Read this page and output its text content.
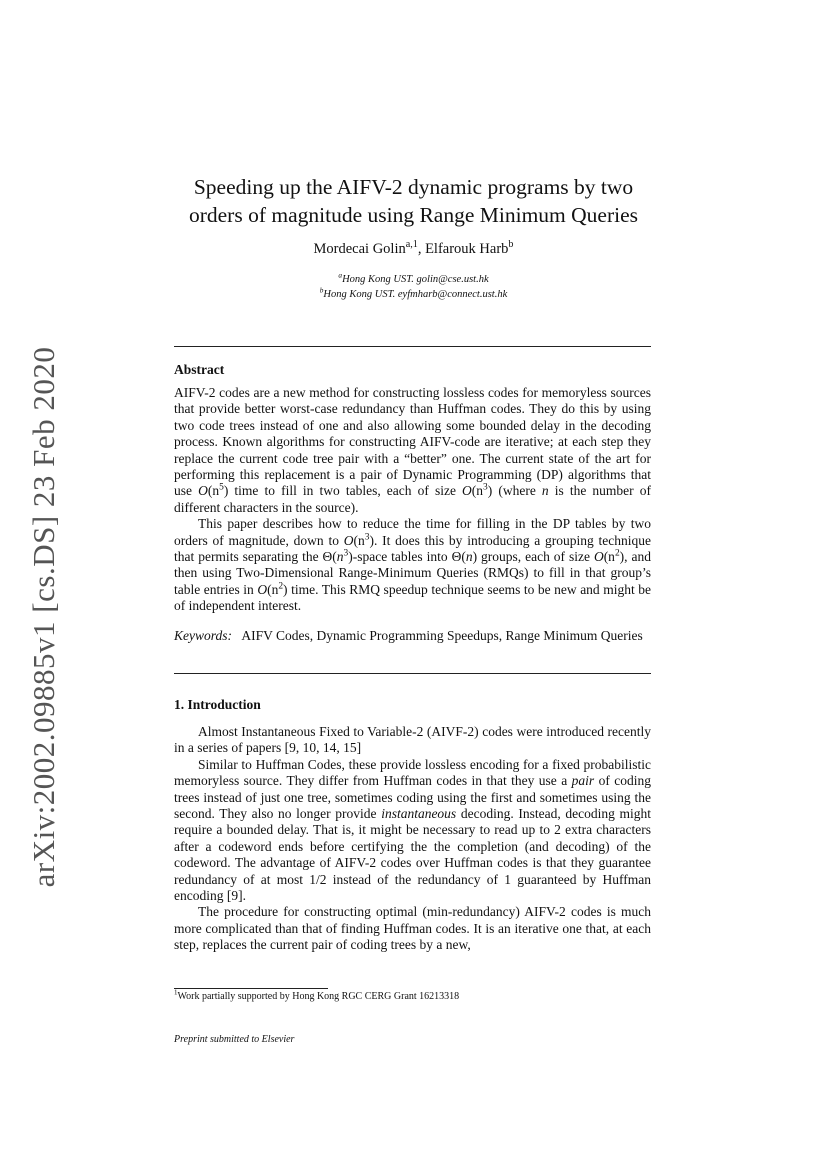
arXiv:2002.09885v1 [cs.DS] 23 Feb 2020
Speeding up the AIFV-2 dynamic programs by two
orders of magnitude using Range Minimum Queries
Mordecai Golin$^{a,1}$, Elfarouk Harb$^b$
$^a$Hong Kong UST. golin@cse.ust.hk
$^b$Hong Kong UST. eyfmharb@connect.ust.hk
Abstract

AIFV-2 codes are a new method for constructing lossless codes for memoryless sources that provide better worst-case redundancy than Huffman codes. They do this by using two code trees instead of one and also allowing some bounded delay in the decoding process. Known algorithms for constructing AIFV-code are iterative; at each step they replace the current code tree pair with a “better” one. The current state of the art for performing this replacement is a pair of Dynamic Programming (DP) algorithms that use $O(n^5)$ time to fill in two tables, each of size $O(n^3)$ (where n is the number of different characters in the source).

This paper describes how to reduce the time for filling in the DP tables by two orders of magnitude, down to $O(n^3)$. It does this by introducing a grouping technique that permits separating the $\Theta(n^3)$-space tables into Θ(n) groups, each of size $O(n^2)$, and then using Two-Dimensional Range-Minimum Queries (RMQs) to fill in that group’s table entries in $O(n^2)$ time. This RMQ speedup technique seems to be new and might be of independent interest.

Keywords: AIFV Codes, Dynamic Programming Speedups, Range Minimum Queries
1. Introduction

Almost Instantaneous Fixed to Variable-2 (AIVF-2) codes were introduced recently in a series of papers [9, 10, 14, 15]

Similar to Huffman Codes, these provide lossless encoding for a fixed probabilistic memoryless source. They differ from Huffman codes in that they use a pair of coding trees instead of just one tree, sometimes coding using the first and sometimes using the second. They also no longer provide instantaneous decoding. Instead, decoding might require a bounded delay. That is, it might be necessary to read up to 2 extra characters after a codeword ends before certifying the the completion (and decoding) of the codeword. The advantage of AIFV-2 codes over Huffman codes is that they guarantee redundancy of at most 1/2 instead of the redundancy of 1 guaranteed by Huffman encoding [9].

The procedure for constructing optimal (min-redundancy) AIFV-2 codes is much more complicated than that of finding Huffman codes. It is an iterative one that, at each step, replaces the current pair of coding trees by a new,

$^1$Work partially supported by Hong Kong RGC CERG Grant 16213318
Preprint submitted to Elsevier
